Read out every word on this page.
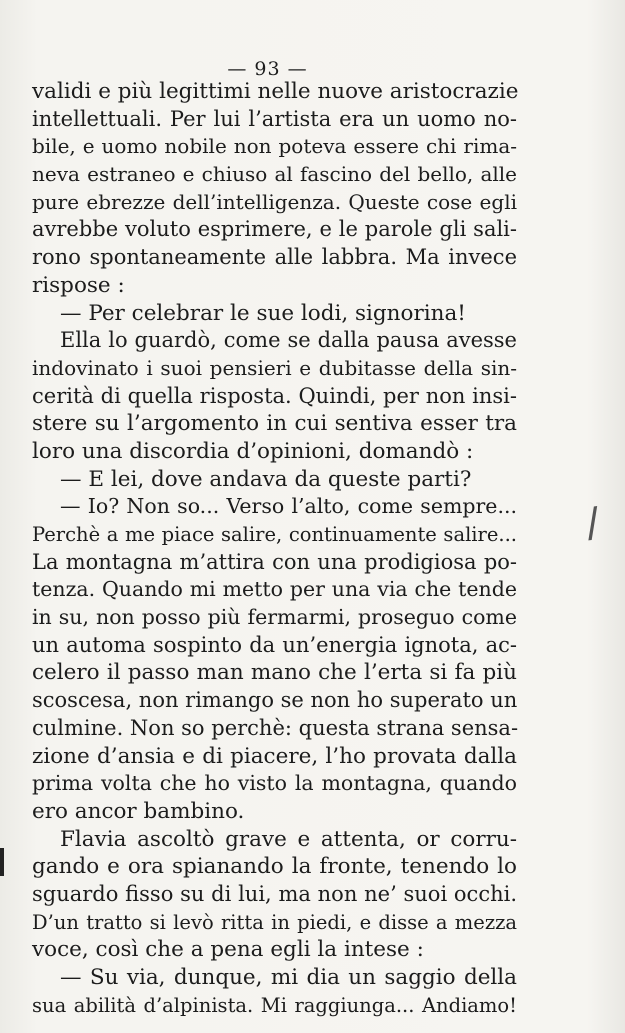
— 93 —
validi e più legittimi nelle nuove aristocrazie
intellettuali. Per lui l’artista era un uomo no-
bile, e uomo nobile non poteva essere chi rima-
neva estraneo e chiuso al fascino del bello, alle
pure ebrezze dell’intelligenza. Queste cose egli
avrebbe voluto esprimere, e le parole gli sali-
rono spontaneamente alle labbra. Ma invece
rispose :
— Per celebrar le sue lodi, signorina!
Ella lo guardò, come se dalla pausa avesse
indovinato i suoi pensieri e dubitasse della sin-
cerità di quella risposta. Quindi, per non insi-
stere su l’argomento in cui sentiva esser tra
loro una discordia d’opinioni, domandò :
— E lei, dove andava da queste parti?
— Io? Non so... Verso l’alto, come sempre...
Perchè a me piace salire, continuamente salire...
La montagna m’attira con una prodigiosa po-
tenza. Quando mi metto per una via che tende
in su, non posso più fermarmi, proseguo come
un automa sospinto da un’energia ignota, ac-
celero il passo man mano che l’erta si fa più
scoscesa, non rimango se non ho superato un
culmine. Non so perchè: questa strana sensa-
zione d’ansia e di piacere, l’ho provata dalla
prima volta che ho visto la montagna, quando
ero ancor bambino.
Flavia ascoltò grave e attenta, or corru-
gando e ora spianando la fronte, tenendo lo
sguardo fisso su di lui, ma non ne’ suoi occhi.
D’un tratto si levò ritta in piedi, e disse a mezza
voce, così che a pena egli la intese :
— Su via, dunque, mi dia un saggio della
sua abilità d’alpinista. Mi raggiunga... Andiamo!
/
